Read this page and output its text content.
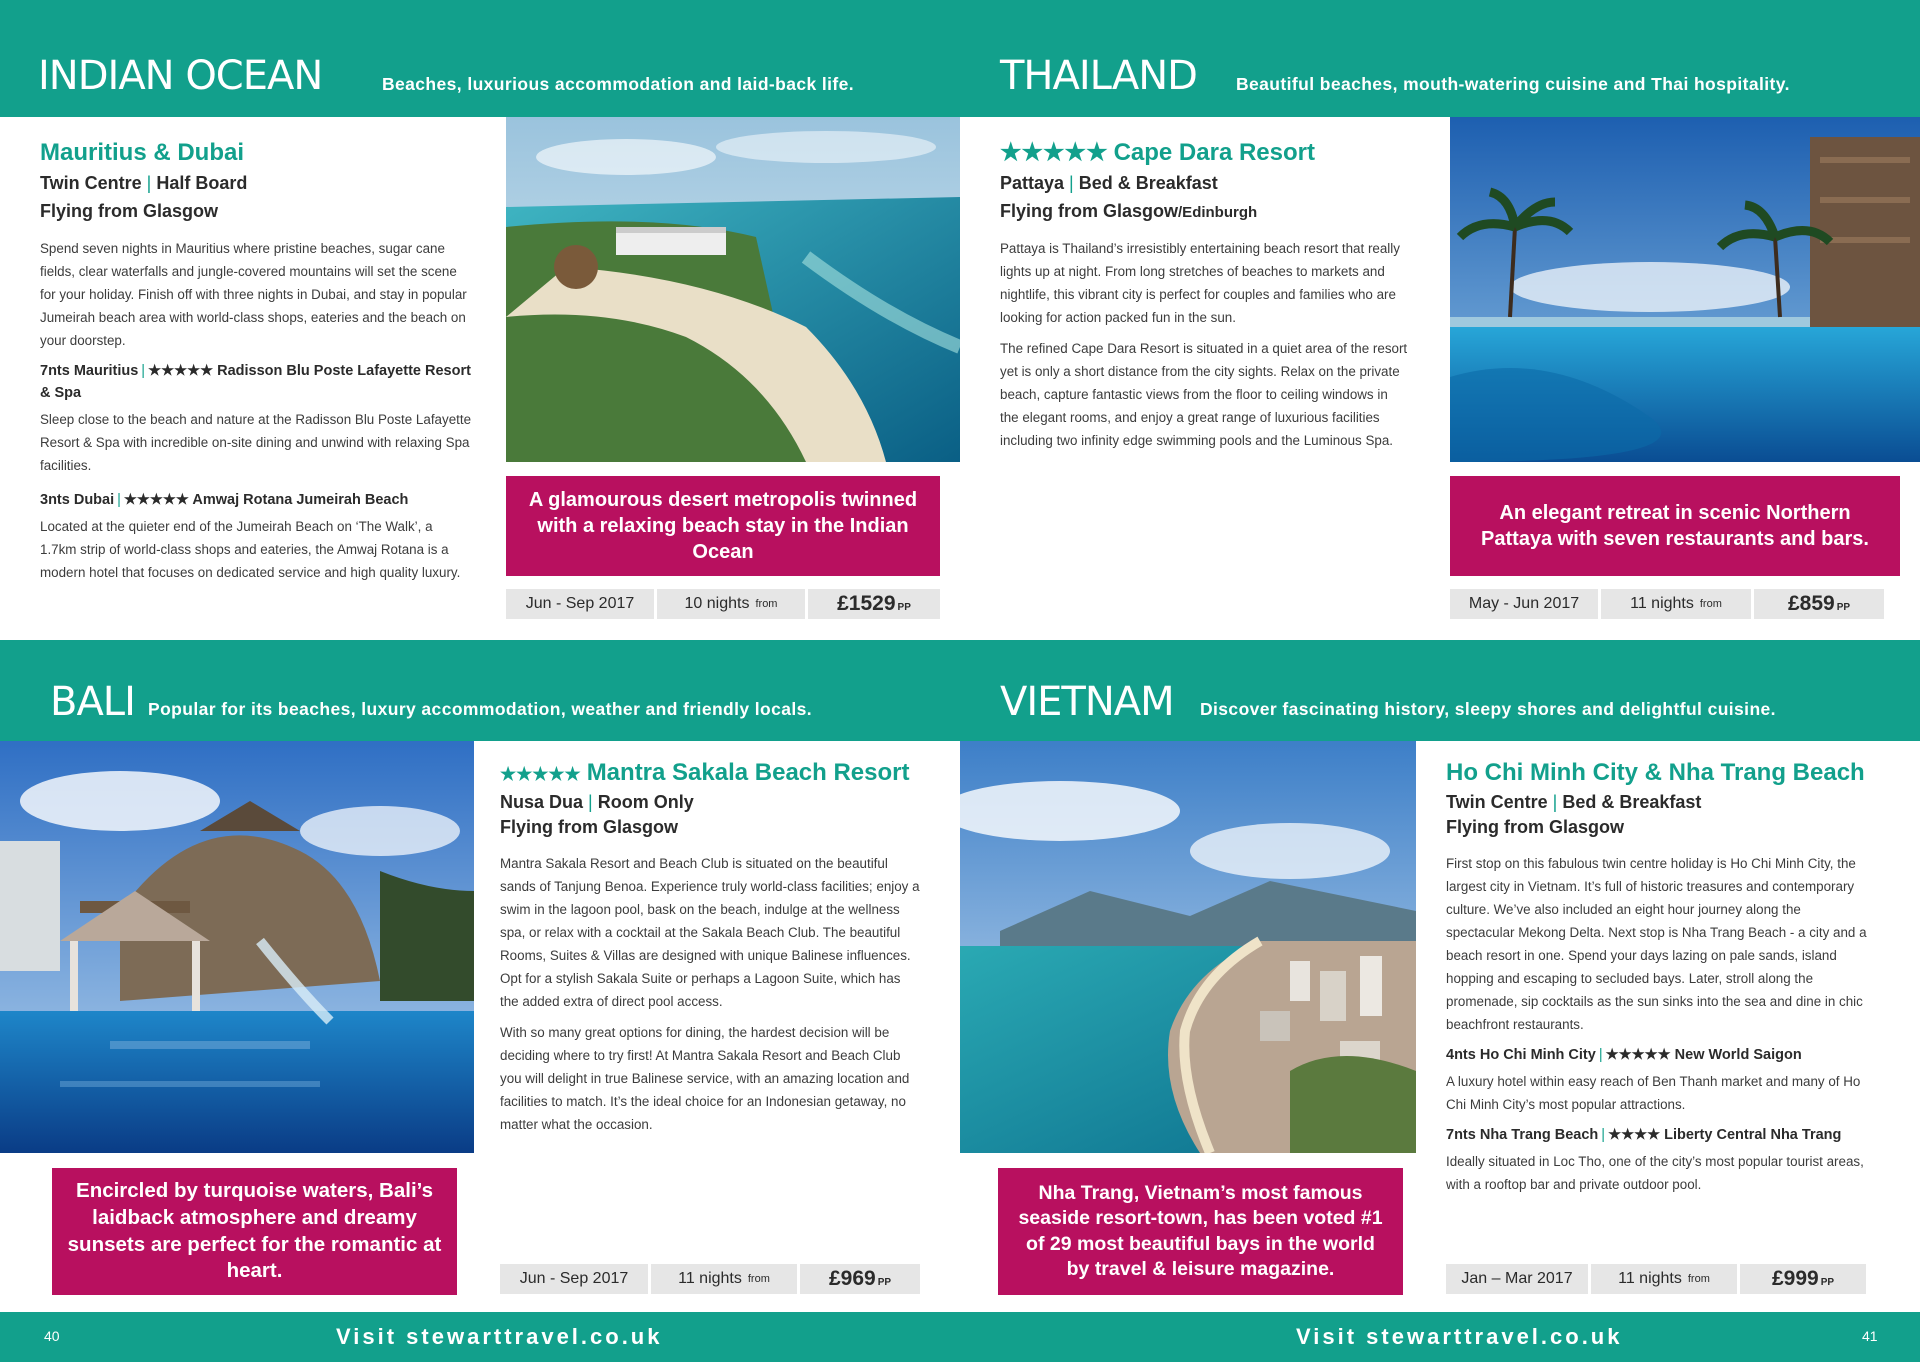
INDIAN OCEAN	Beaches, luxurious accommodation and laid-back life.	THAILAND Beautiful beaches, mouth-watering cuisine and Thai hospitality.
Mauritius & Dubai
Twin Centre | Half Board
Flying from Glasgow

Spend seven nights in Mauritius where pristine beaches, sugar cane fields, clear waterfalls and jungle-covered mountains will set the scene for your holiday. Finish off with three nights in Dubai, and stay in popular Jumeirah beach area with world-class shops, eateries and the beach on your doorstep.

7nts Mauritius | ★★★★★ Radisson Blu Poste Lafayette Resort & Spa

Sleep close to the beach and nature at the Radisson Blu Poste Lafayette Resort & Spa with incredible on-site dining and unwind with relaxing Spa facilities.

3nts Dubai | ★★★★★ Amwaj Rotana Jumeirah Beach

Located at the quieter end of the Jumeirah Beach on ‘The Walk’, a 1.7km strip of world-class shops and eateries, the Amwaj Rotana is a modern hotel that focuses on dedicated service and high quality luxury.

A glamourous desert metropolis twinned with a relaxing beach stay in the Indian Ocean
Jun - Sep 2017	10 nights from	£1529 PP
★★★★★ Cape Dara Resort
Pattaya | Bed & Breakfast
Flying from Glasgow/Edinburgh

Pattaya is Thailand’s irresistibly entertaining beach resort that really lights up at night. From long stretches of beaches to markets and nightlife, this vibrant city is perfect for couples and families who are looking for action packed fun in the sun.

The refined Cape Dara Resort is situated in a quiet area of the resort yet is only a short distance from the city sights. Relax on the private beach, capture fantastic views from the floor to ceiling windows in the elegant rooms, and enjoy a great range of luxurious facilities including two infinity edge swimming pools and the Luminous Spa.

An elegant retreat in scenic Northern Pattaya with seven restaurants and bars.
May - Jun 2017	11 nights from	£859 PP
BALI Popular for its beaches, luxury accommodation, weather and friendly locals.	VIETNAM Discover fascinating history, sleepy shores and delightful cuisine.
Encircled by turquoise waters, Bali’s laidback atmosphere and dreamy sunsets are perfect for the romantic at heart.
★★★★★ Mantra Sakala Beach Resort
Nusa Dua | Room Only
Flying from Glasgow

Mantra Sakala Resort and Beach Club is situated on the beautiful sands of Tanjung Benoa. Experience truly world-class facilities; enjoy a swim in the lagoon pool, bask on the beach, indulge at the wellness spa, or relax with a cocktail at the Sakala Beach Club. The beautiful Rooms, Suites & Villas are designed with unique Balinese influences. Opt for a stylish Sakala Suite or perhaps a Lagoon Suite, which has the added extra of direct pool access.

With so many great options for dining, the hardest decision will be deciding where to try first! At Mantra Sakala Resort and Beach Club you will delight in true Balinese service, with an amazing location and facilities to match. It’s the ideal choice for an Indonesian getaway, no matter what the occasion.

Jun - Sep 2017	11 nights from	£969 PP
Nha Trang, Vietnam’s most famous seaside resort-town, has been voted #1 of 29 most beautiful bays in the world by travel & leisure magazine.
Ho Chi Minh City & Nha Trang Beach
Twin Centre | Bed & Breakfast
Flying from Glasgow

First stop on this fabulous twin centre holiday is Ho Chi Minh City, the largest city in Vietnam. It’s full of historic treasures and contemporary culture. We’ve also included an eight hour journey along the spectacular Mekong Delta. Next stop is Nha Trang Beach - a city and a beach resort in one. Spend your days lazing on pale sands, island hopping and escaping to secluded bays. Later, stroll along the promenade, sip cocktails as the sun sinks into the sea and dine in chic beachfront restaurants.

4nts Ho Chi Minh City | ★★★★★ New World Saigon

A luxury hotel within easy reach of Ben Thanh market and many of Ho Chi Minh City’s most popular attractions.

7nts Nha Trang Beach | ★★★★ Liberty Central Nha Trang

Ideally situated in Loc Tho, one of the city’s most popular tourist areas, with a rooftop bar and private outdoor pool.

Jan – Mar 2017	11 nights from	£999 PP
40	Visit stewarttravel.co.uk	Visit stewarttravel.co.uk	41
